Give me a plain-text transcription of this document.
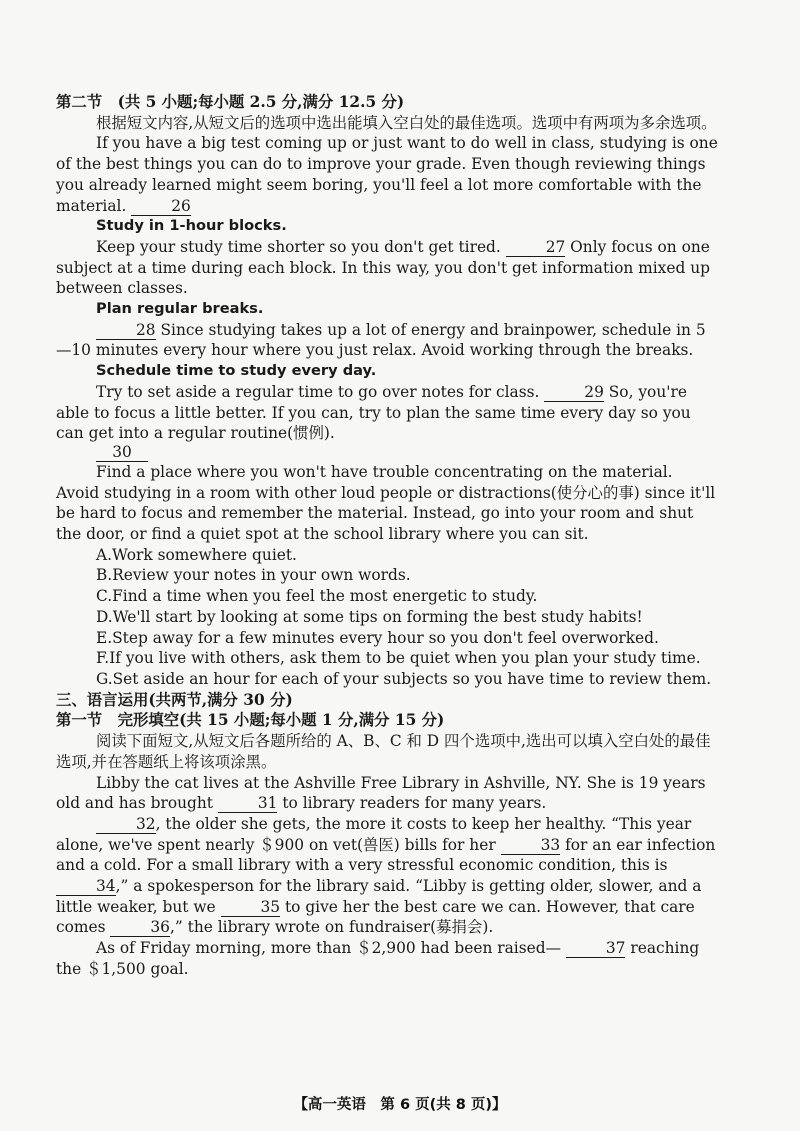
第二节　(共 5 小题;每小题 2.5 分,满分 12.5 分)

根据短文内容,从短文后的选项中选出能填入空白处的最佳选项。选项中有两项为多余选项。

If you have a big test coming up or just want to do well in class, studying is one of the best things you can do to improve your grade. Even though reviewing things you already learned might seem boring, you'll feel a lot more comfortable with the material.	26

Study in 1-hour blocks.

Keep your study time shorter so you don't get tired.	27 Only focus on one subject at a time during each block. In this way, you don't get information mixed up between classes.

Plan regular breaks.

28 Since studying takes up a lot of energy and brainpower, schedule in 5—10 minutes every hour where you just relax. Avoid working through the breaks.

Schedule time to study every day.

Try to set aside a regular time to go over notes for class.	29 So, you're able to focus a little better. If you can, try to plan the same time every day so you can get into a regular routine(惯例).

30

Find a place where you won't have trouble concentrating on the material. Avoid studying in a room with other loud people or distractions(使分心的事) since it'll be hard to focus and remember the material. Instead, go into your room and shut the door, or find a quiet spot at the school library where you can sit.

A. Work somewhere quiet.
B. Review your notes in your own words.
C. Find a time when you feel the most energetic to study.
D. We'll start by looking at some tips on forming the best study habits!
E. Step away for a few minutes every hour so you don't feel overworked.
F. If you live with others, ask them to be quiet when you plan your study time.
G. Set aside an hour for each of your subjects so you have time to review them.

三、语言运用(共两节,满分 30 分)

第一节　完形填空(共 15 小题;每小题 1 分,满分 15 分)

阅读下面短文,从短文后各题所给的 A、B、C 和 D 四个选项中,选出可以填入空白处的最佳选项,并在答题纸上将该项涂黑。

Libby the cat lives at the Ashville Free Library in Ashville, NY. She is 19 years old and has brought	31 to library readers for many years.

32, the older she gets, the more it costs to keep her healthy. “This year alone, we've spent nearly ＄900 on vet(兽医) bills for her	33 for an ear infection and a cold. For a small library with a very stressful economic condition, this is 34,” a spokesperson for the library said. “Libby is getting older, slower, and a little weaker, but we	35 to give her the best care we can. However, that care comes	36,” the library wrote on fundraiser(募捐会).

As of Friday morning, more than ＄2,900 had been raised—	37 reaching the ＄1,500 goal.

【高一英语　第 6 页(共 8 页)】
